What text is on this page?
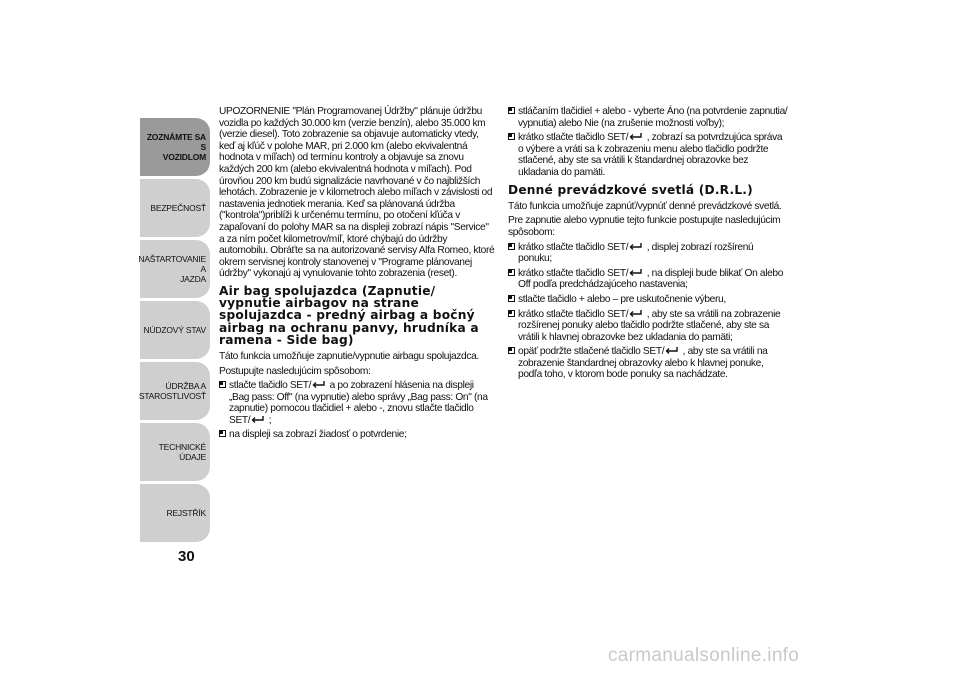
ZOZNÁMTE SA S
VOZIDLOM
BEZPEČNOSŤ
NAŠTARTOVANIE A
JAZDA
NÚDZOVÝ STAV
ÚDRŽBA A
STAROSTLIVOSŤ
TECHNICKÉ ÚDAJE
REJSTŘÍK
30

UPOZORNENIE "Plán Programovanej Údržby" plánuje údržbu vozidla po každých 30.000 km (verzie benzín), alebo 35.000 km (verzie diesel). Toto zobrazenie sa objavuje automaticky vtedy, keď aj kľúč v polohe MAR, pri 2.000 km (alebo ekvivalentná hodnota v míľach) od termínu kontroly a objavuje sa znovu každých 200 km (alebo ekvivalentná hodnota v míľach). Pod úrovňou 200 km budú signalizácie navrhované v čo najbližších lehotách. Zobrazenie je v kilometroch alebo míľach v závislosti od nastavenia jednotiek merania. Keď sa plánovaná údržba ("kontrola")priblíži k určenému termínu, po otočení kľúča v zapaľovaní do polohy MAR sa na displeji zobrazí nápis "Service" a za ním počet kilometrov/míľ, ktoré chýbajú do údržby automobilu. Obráťte sa na autorizované servisy Alfa Romeo, ktoré okrem servisnej kontroly stanovenej v "Programe plánovanej údržby" vykonajú aj vynulovanie tohto zobrazenia (reset).

Air bag spolujazdca (Zapnutie/ vypnutie airbagov na strane spolujazdca - predný airbag a bočný airbag na ochranu panvy, hrudníka a ramena - Side bag)

Táto funkcia umožňuje zapnutie/vypnutie airbagu spolujazdca.

Postupujte nasledujúcim spôsobom:

stlačte tlačidlo SET/ a po zobrazení hlásenia na displeji „Bag pass: Off" (na vypnutie) alebo správy „Bag pass: On" (na zapnutie) pomocou tlačidiel + alebo -, znovu stlačte tlačidlo SET/ ;
na displeji sa zobrazí žiadosť o potvrdenie;
stláčaním tlačidiel + alebo - vyberte Áno (na potvrdenie zapnutia/ vypnutia) alebo Nie (na zrušenie možnosti voľby);
krátko stlačte tlačidlo SET/ , zobrazí sa potvrdzujúca správa o výbere a vráti sa k zobrazeniu menu alebo tlačidlo podržte stlačené, aby ste sa vrátili k štandardnej obrazovke bez ukladania do pamäti.
Denné prevádzkové svetlá (D.R.L.)

Táto funkcia umožňuje zapnúť/vypnúť denné prevádzkové svetlá.

Pre zapnutie alebo vypnutie tejto funkcie postupujte nasledujúcim spôsobom:

krátko stlačte tlačidlo SET/ , displej zobrazí rozšírenú ponuku;
krátko stlačte tlačidlo SET/ , na displeji bude blikať On alebo Off podľa predchádzajúceho nastavenia;
stlačte tlačidlo + alebo – pre uskutočnenie výberu,
krátko stlačte tlačidlo SET/ , aby ste sa vrátili na zobrazenie rozšírenej ponuky alebo tlačidlo podržte stlačené, aby ste sa vrátili k hlavnej obrazovke bez ukladania do pamäti;
opäť podržte stlačené tlačidlo SET/ , aby ste sa vrátili na zobrazenie štandardnej obrazovky alebo k hlavnej ponuke, podľa toho, v ktorom bode ponuky sa nachádzate.
carmanualsonline.info
